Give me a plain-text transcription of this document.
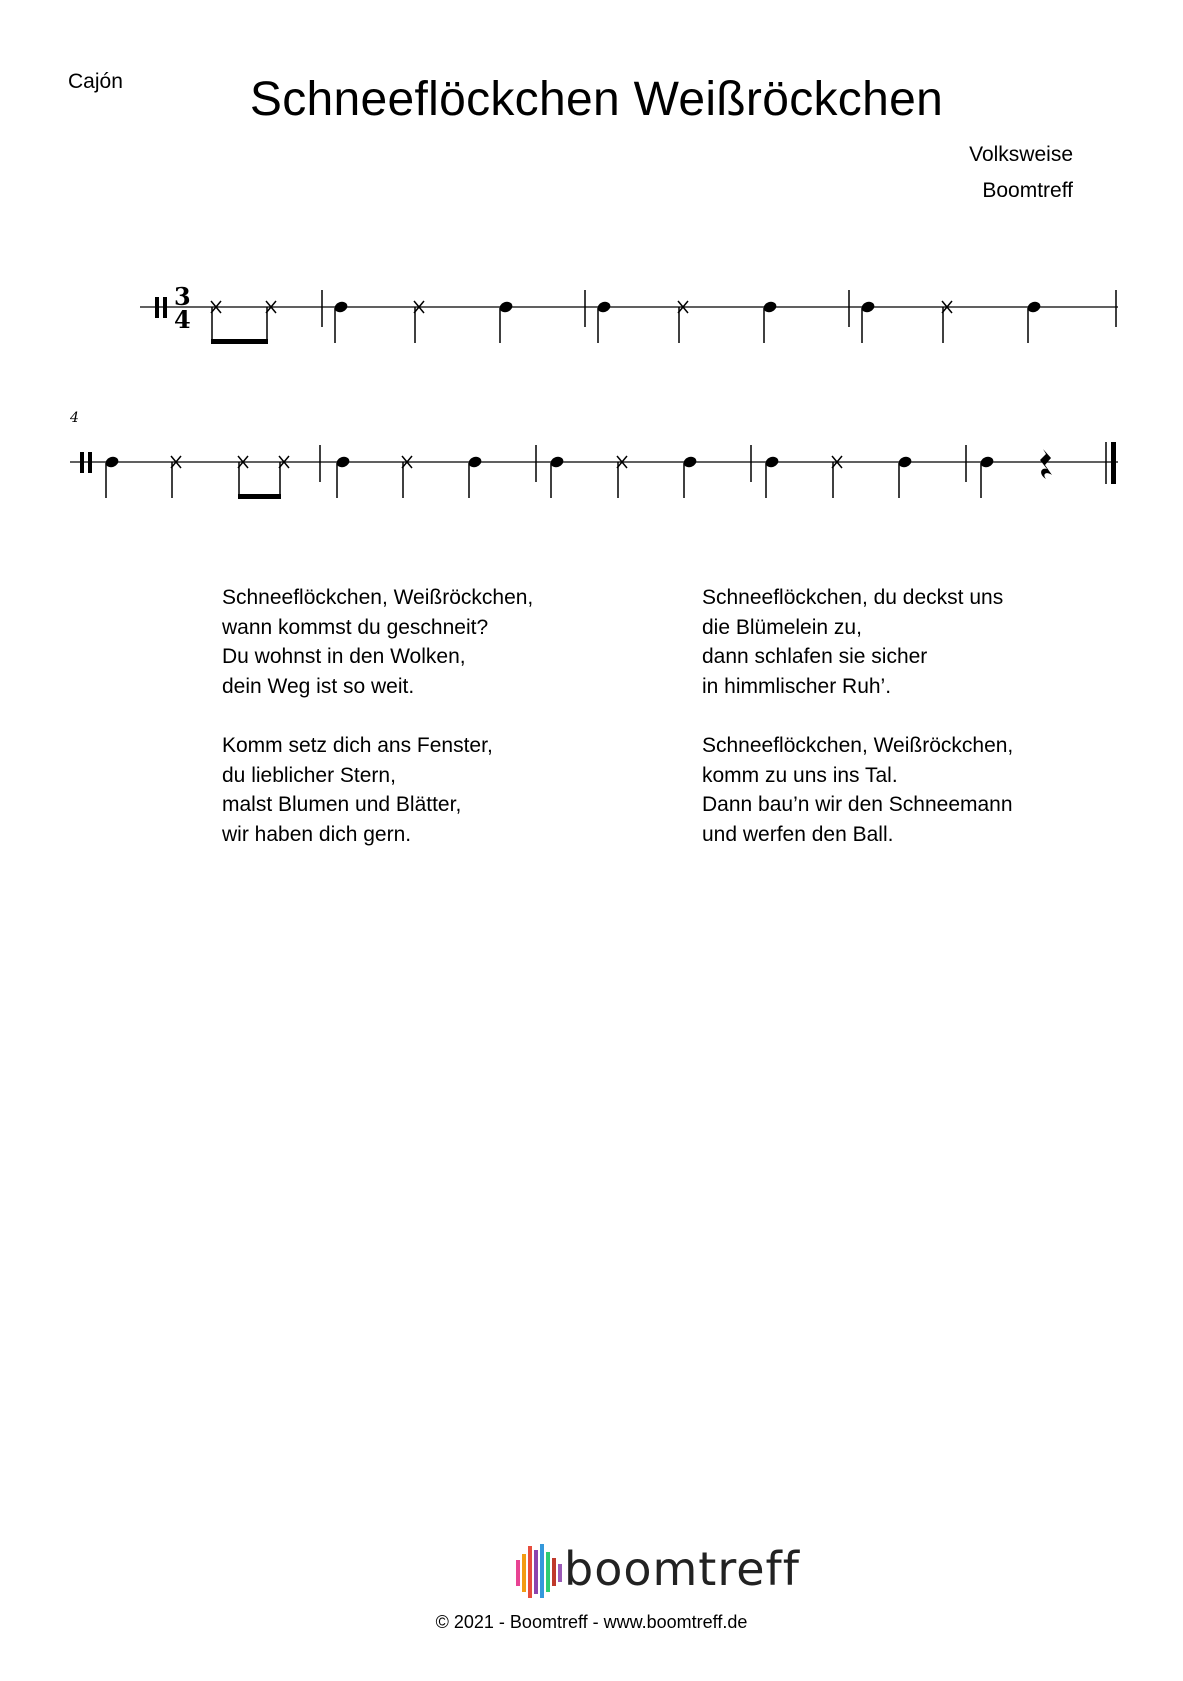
Cajón	Schneeflöckchen Weißröckchen
Volksweise
Boomtreff
3
4
4
Schneeflöckchen, Weißröckchen,
wann kommst du geschneit?
Du wohnst in den Wolken,
dein Weg ist so weit.
Komm setz dich ans Fenster,
du lieblicher Stern,
malst Blumen und Blätter,
wir haben dich gern.
Schneeflöckchen, du deckst uns
die Blümelein zu,
dann schlafen sie sicher
in himmlischer Ruh’.
Schneeflöckchen, Weißröckchen,
komm zu uns ins Tal.
Dann bau’n wir den Schneemann
und werfen den Ball.
boomtreff
© 2021 - Boomtreff - www.boomtreff.de
